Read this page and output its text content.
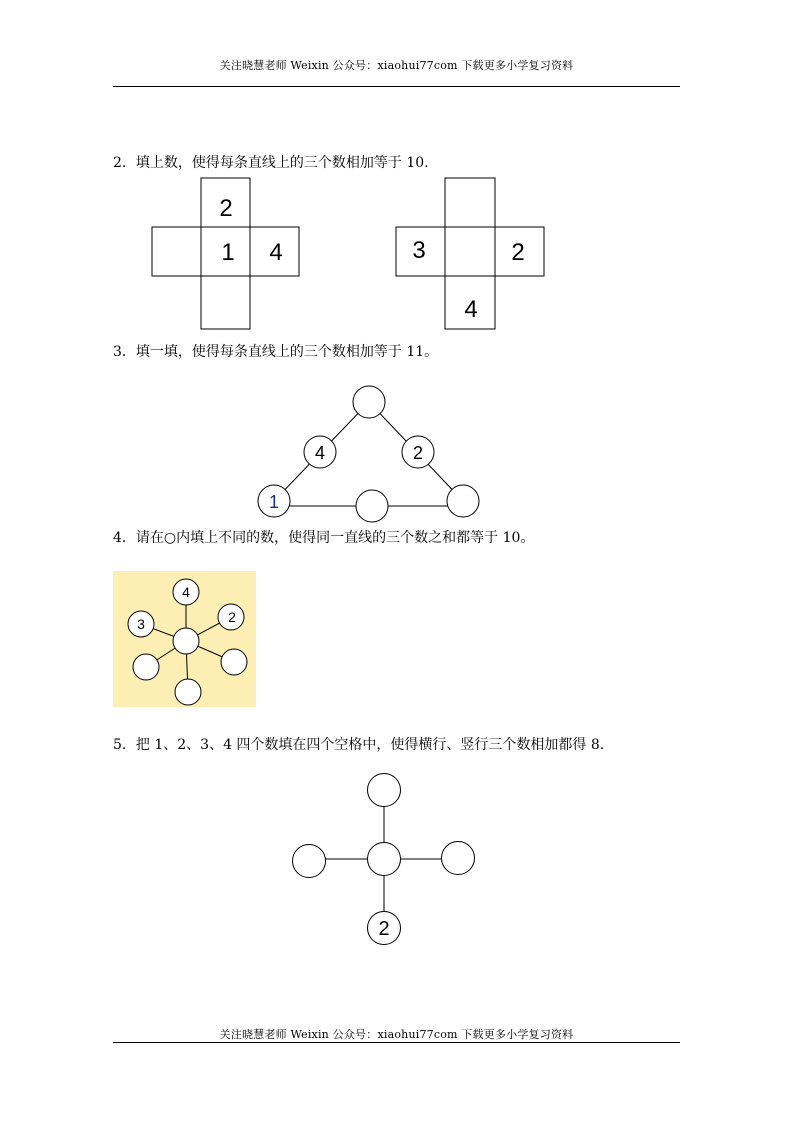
关注晓慧老师 Weixin 公众号：xiaohui77com 下载更多小学复习资料
2．填上数，使得每条直线上的三个数相加等于 10.
3．填一填，使得每条直线上的三个数相加等于 11。
4．请在○内填上不同的数，使得同一直线的三个数之和都等于 10。
5．把 1、2、3、4 四个数填在四个空格中，使得横行、竖行三个数相加都得 8.
2
1 4	3	2
4
4	2
1
4
2
3
2
关注晓慧老师 Weixin 公众号：xiaohui77com 下载更多小学复习资料
